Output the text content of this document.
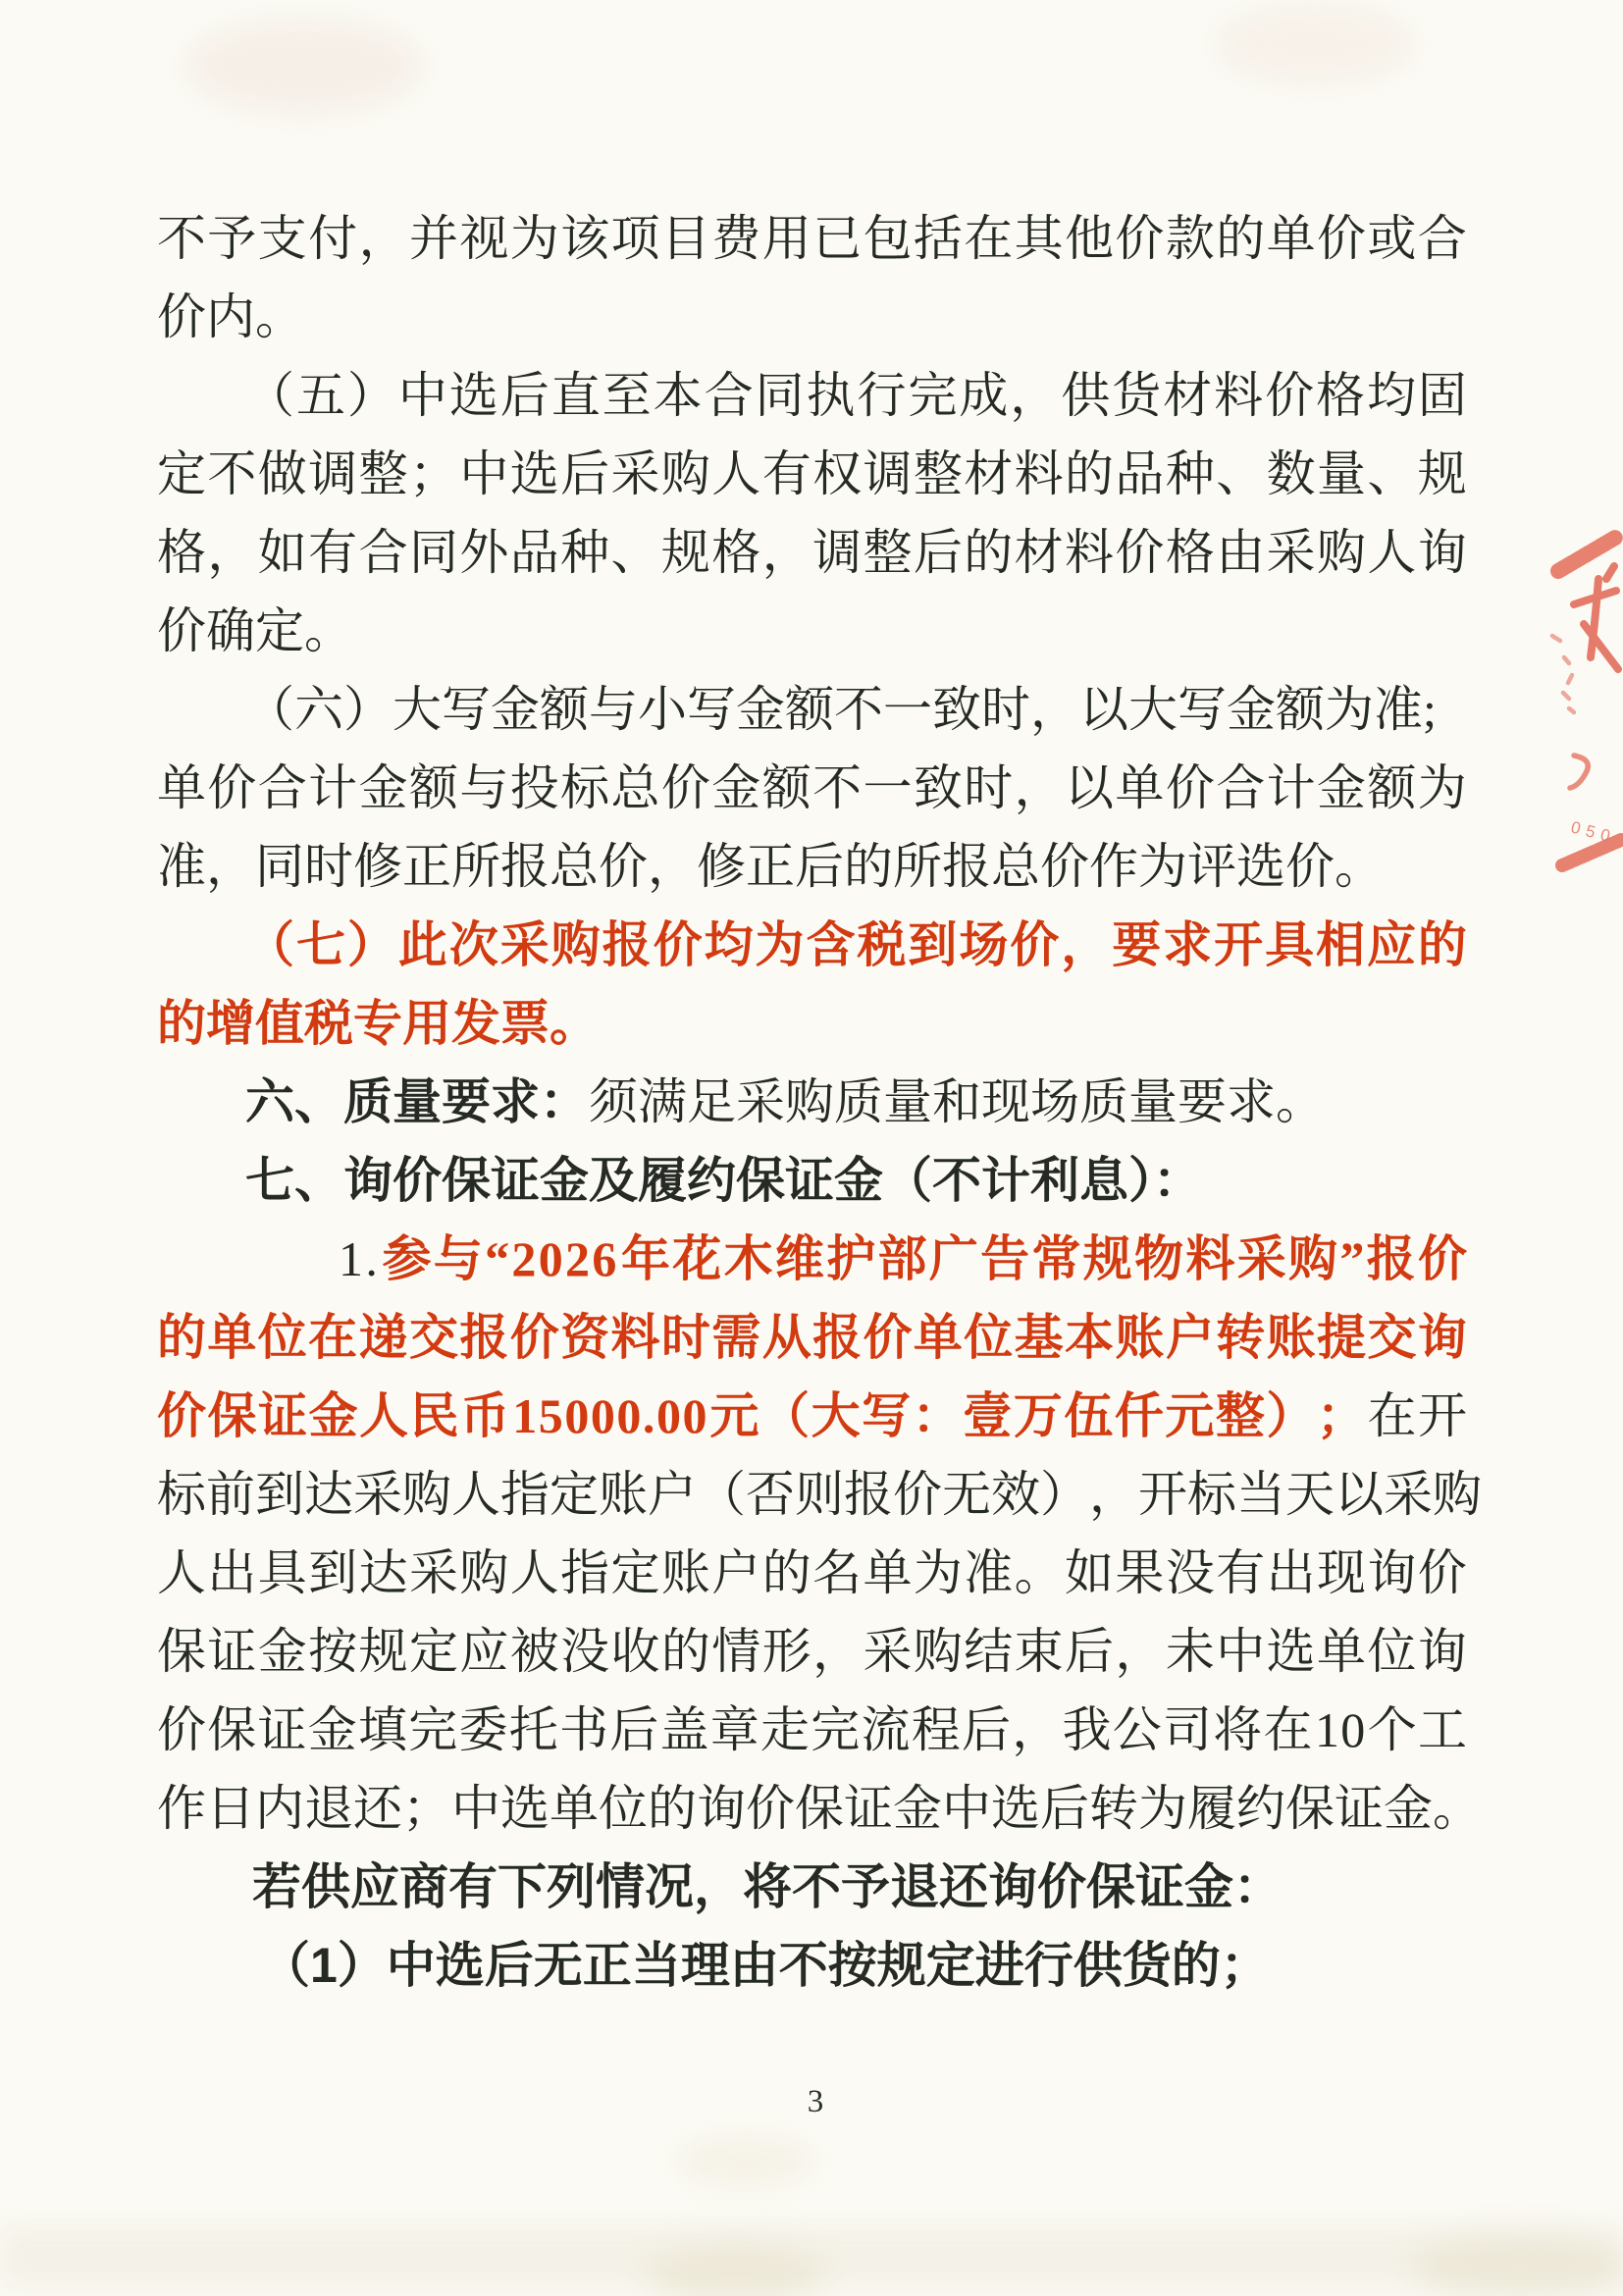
不 予 支 付 ， 并 视 为 该 项 目 费 用 已 包 括 在 其 他 价 款 的 单 价 或 合
价内。
（ 五 ） 中 选 后 直 至 本 合 同 执 行 完 成 ， 供 货 材 料 价 格 均 固
定 不 做 调 整 ； 中 选 后 采 购 人 有 权 调 整 材 料 的 品 种 、 数 量 、 规
格 ， 如 有 合 同 外 品 种 、 规 格 ， 调 整 后 的 材 料 价 格 由 采 购 人 询
价确定。
（六）大写金额与小写金额不一致时，以大写金额为准;
单 价 合 计 金 额 与 投 标 总 价 金 额 不 一 致 时 ， 以 单 价 合 计 金 额 为
准，同时修正所报总价，修正后的所报总价作为评选价。
（ 七 ） 此 次 采 购 报 价 均 为 含 税 到 场 价 ， 要 求 开 具 相 应 的
的增值税专用发票。
六、质量要求：须满足采购质量和现场质量要求。
七、询价保证金及履约保证金（不计利息）：
1 . 参 与 “ 2 0 2 6 年 花 木 维 护 部 广 告 常 规 物 料 采 购 ” 报 价
的 单 位 在 递 交 报 价 资 料 时 需 从 报 价 单 位 基 本 账 户 转 账 提 交 询
价 保 证 金 人 民 币 1 5 0 0 0 . 0 0 元 （ 大 写 ： 壹 万 伍 仟 元 整 ） ； 在 开
标 前 到 达 采 购 人 指 定 账 户 （ 否 则 报 价 无 效 ） ， 开 标 当 天 以 采 购
人 出 具 到 达 采 购 人 指 定 账 户 的 名 单 为 准 。 如 果 没 有 出 现 询 价
保 证 金 按 规 定 应 被 没 收 的 情 形 ， 采 购 结 束 后 ， 未 中 选 单 位 询
价 保 证 金 填 完 委 托 书 后 盖 章 走 完 流 程 后 ， 我 公 司 将 在 1 0 个 工
作日内退还；中选单位的询价保证金中选后转为履约保证金。
若供应商有下列情况，将不予退还询价保证金：
（1）中选后无正当理由不按规定进行供货的；
050
3
